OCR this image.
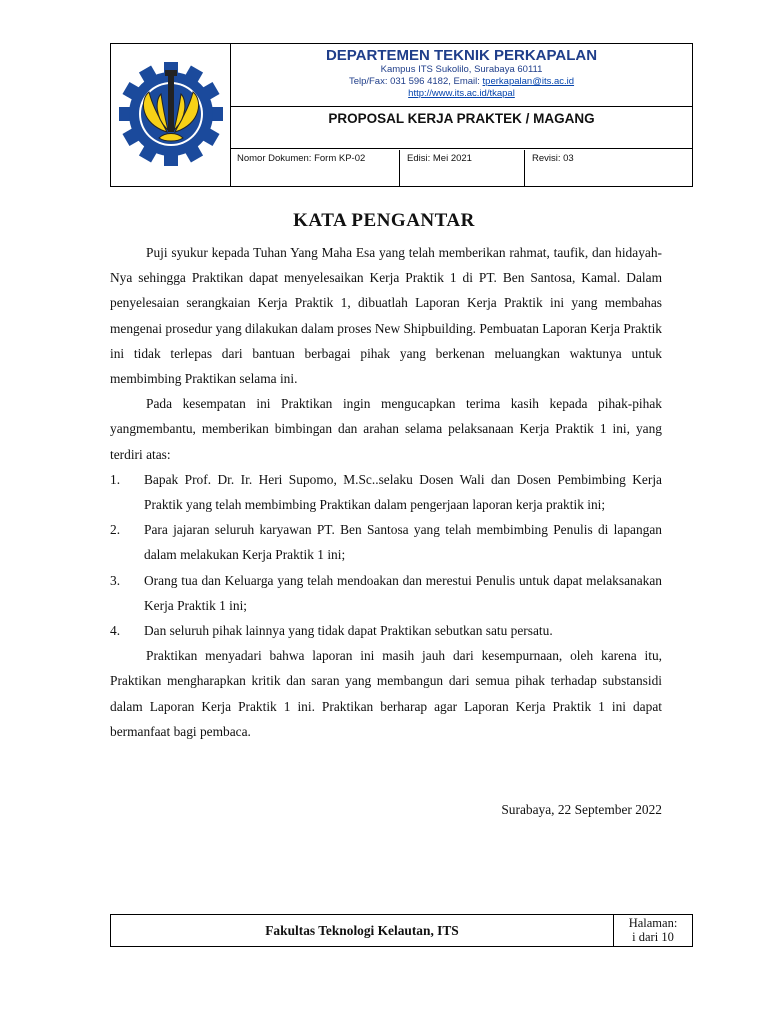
DEPARTEMEN TEKNIK PERKAPALAN
Kampus ITS Sukolilo, Surabaya 60111
Telp/Fax: 031 596 4182, Email: tperkapalan@its.ac.id
http://www.its.ac.id/tkapal
PROPOSAL KERJA PRAKTEK / MAGANG
Nomor Dokumen: Form KP-02	Edisi: Mei 2021	Revisi: 03
KATA PENGANTAR

Puji syukur kepada Tuhan Yang Maha Esa yang telah memberikan rahmat, taufik, dan hidayah-Nya sehingga Praktikan dapat menyelesaikan Kerja Praktik 1 di PT. Ben Santosa, Kamal. Dalam penyelesaian serangkaian Kerja Praktik 1, dibuatlah Laporan Kerja Praktik ini yang membahas mengenai prosedur yang dilakukan dalam proses New Shipbuilding. Pembuatan Laporan Kerja Praktik ini tidak terlepas dari bantuan berbagai pihak yang berkenan meluangkan waktunya untuk membimbing Praktikan selama ini.

Pada kesempatan ini Praktikan ingin mengucapkan terima kasih kepada pihak-pihak yangmembantu, memberikan bimbingan dan arahan selama pelaksanaan Kerja Praktik 1 ini, yang terdiri atas:

1. Bapak Prof. Dr. Ir. Heri Supomo, M.Sc..selaku Dosen Wali dan Dosen Pembimbing Kerja Praktik yang telah membimbing Praktikan dalam pengerjaan laporan kerja praktik ini;
2. Para jajaran seluruh karyawan PT. Ben Santosa yang telah membimbing Penulis di lapangan dalam melakukan Kerja Praktik 1 ini;
3. Orang tua dan Keluarga yang telah mendoakan dan merestui Penulis untuk dapat melaksanakan Kerja Praktik 1 ini;
4. Dan seluruh pihak lainnya yang tidak dapat Praktikan sebutkan satu persatu.

Praktikan menyadari bahwa laporan ini masih jauh dari kesempurnaan, oleh karena itu, Praktikan mengharapkan kritik dan saran yang membangun dari semua pihak terhadap substansidi dalam Laporan Kerja Praktik 1 ini. Praktikan berharap agar Laporan Kerja Praktik 1 ini dapat bermanfaat bagi pembaca.

Surabaya, 22 September 2022
Fakultas Teknologi Kelautan, ITS	Halaman:
i dari 10
